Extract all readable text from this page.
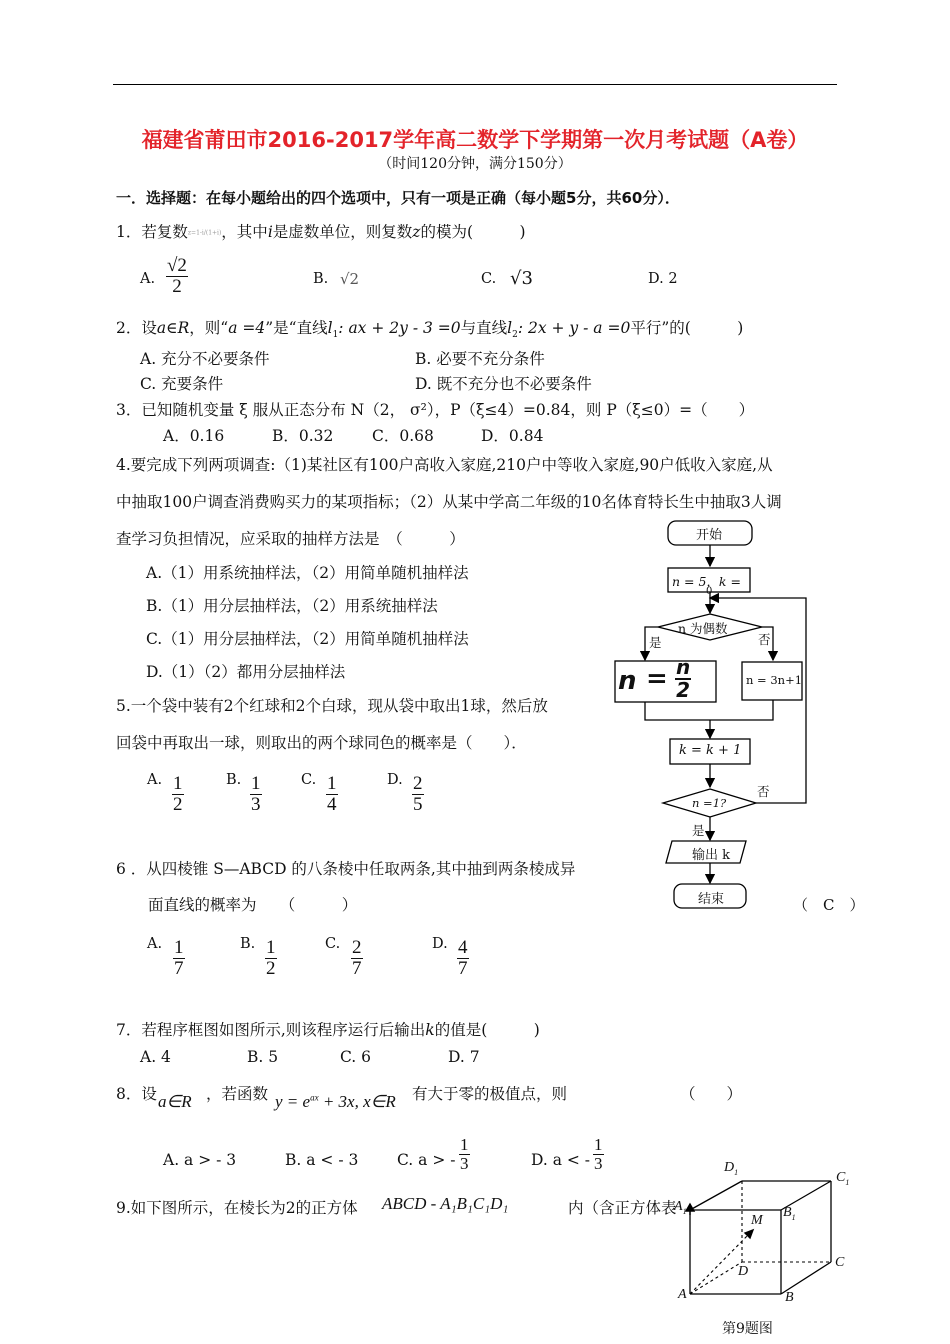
福建省莆田市2016-2017学年高二数学下学期第一次月考试题（A卷）
（时间120分钟，满分150分）
一．选择题：在每小题给出的四个选项中，只有一项是正确（每小题5分，共60分）．
1．若复数z=1-i/(1+i)，其中i是虚数单位，则复数z的模为(　　　)
A. $\frac{√2}{2}$	B. √2	C. √3	D. 2
2．设a∈R，则“a =4”是“直线$l_1$: ax + 2y - 3 =0与直线$l_2$: 2x + y - a =0平行”的(　　　)
A. 充分不必要条件	B. 必要不充分条件
C. 充要条件	D. 既不充分也不必要条件
3．已知随机变量 ξ 服从正态分布 N（2， σ²），P（ξ≤4）=0.84，则 P（ξ≤0）=（　　）
A．0.16	B．0.32 C．0.68	D．0.84
4.要完成下列两项调查:（1)某社区有100户高收入家庭,210户中等收入家庭,90户低收入家庭,从
中抽取100户调查消费购买力的某项指标；（2）从某中学高二年级的10名体育特长生中抽取3人调
查学习负担情况，应采取的抽样方法是　（　　　）
A.（1）用系统抽样法，（2）用简单随机抽样法
B.（1）用分层抽样法，（2）用系统抽样法
C.（1）用分层抽样法，（2）用简单随机抽样法
D.（1）（2）都用分层抽样法
5.一个袋中装有2个红球和2个白球，现从袋中取出1球，然后放
回袋中再取出一球，则取出的两个球同色的概率是（　　）．
A. $\frac{1}{2}$	B. $\frac{1}{3}$	C. $\frac{1}{4}$	D. $\frac{2}{5}$
6 ．从四棱锥 S—ABCD 的八条棱中任取两条,其中抽到两条棱成异
面直线的概率为　　（　　　）	（　C　）
A. $\frac{1}{7}$	B. $\frac{1}{2}$	C. $\frac{2}{7}$	D. $\frac{4}{7}$
7．若程序框图如图所示,则该程序运行后输出k的值是(　　　)
A. 4	B. 5	C. 6	D. 7
8．设 a∈R ，若函数 $y = e^{ax} + 3x$, x∈R 有大于零的极值点，则	（　　）
A. a > - 3	B. a < - 3 C. a > - $\frac{1}{3}$	D. a < - $\frac{1}{3}$
9.如下图所示，在棱长为2的正方体 ABCD - A₁B₁C₁D₁	内（含正方体表
开始
n = 5，k =
0
n 为偶数
是	否
$n = \frac{n}{2}$	n = 3n+1
k = k + 1
否
n =1?
是
输出 k
结束
$D_1$	$C_1$
$A_1$	$B_1$
M
D
C
A	B
第9题图
